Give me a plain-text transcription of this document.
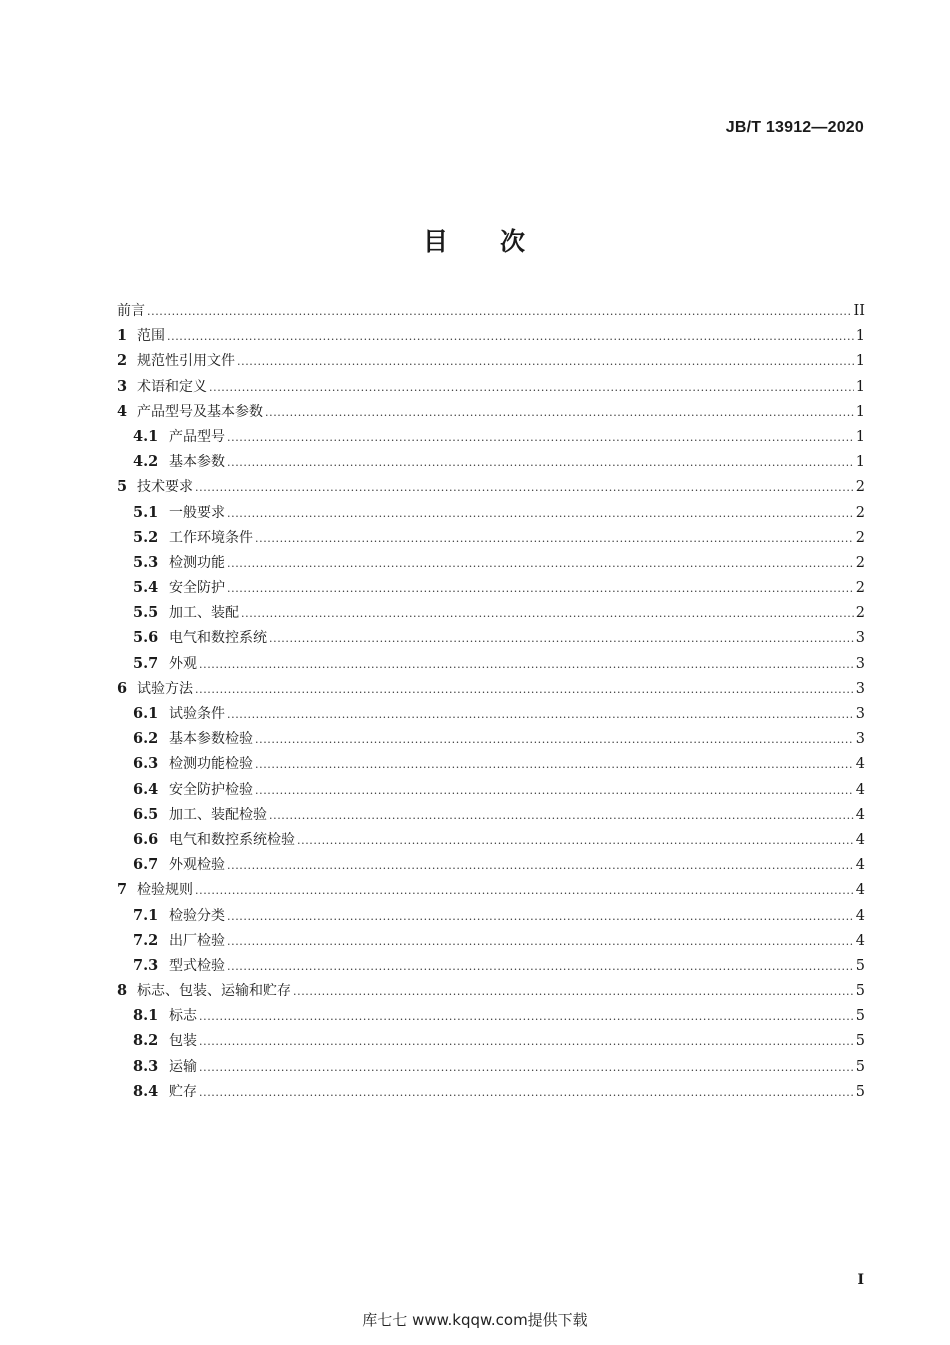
JB/T 13912—2020
目 次
前言 .....	II
1 范围 .....	1
2 规范性引用文件 .....	1
3 术语和定义 .....	1
4 产品型号及基本参数 .....	1
4.1 产品型号 .....	1
4.2 基本参数 .....	1
5 技术要求 .....	2
5.1 一般要求 .....	2
5.2 工作环境条件 .....	2
5.3 检测功能 .....	2
5.4 安全防护 .....	2
5.5 加工、装配 .....	2
5.6 电气和数控系统 .....	3
5.7 外观 .....	3
6 试验方法 .....	3
6.1 试验条件 .....	3
6.2 基本参数检验 .....	3
6.3 检测功能检验 .....	4
6.4 安全防护检验 .....	4
6.5 加工、装配检验 .....	4
6.6 电气和数控系统检验 .....	4
6.7 外观检验 .....	4
7 检验规则 .....	4
7.1 检验分类 .....	4
7.2 出厂检验 .....	4
7.3 型式检验 .....	5
8 标志、包装、运输和贮存 .....	5
8.1 标志 .....	5
8.2 包装 .....	5
8.3 运输 .....	5
8.4 贮存 .....	5
I
库七七 www.kqqw.com提供下载
